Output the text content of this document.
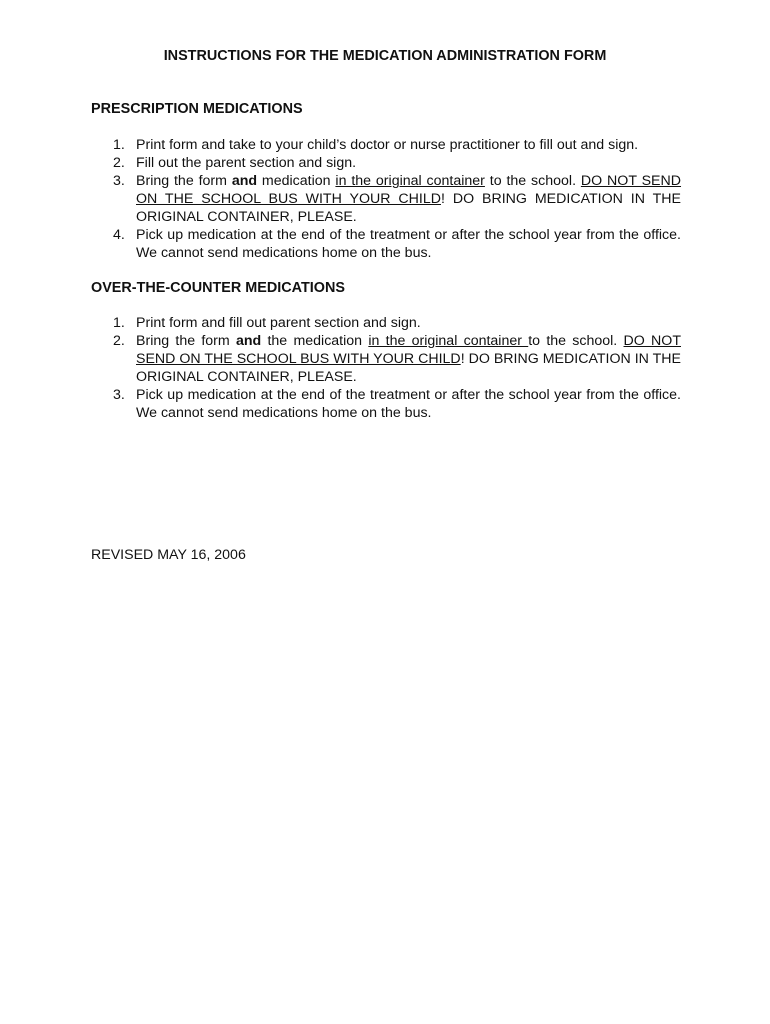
INSTRUCTIONS FOR THE MEDICATION ADMINISTRATION FORM
PRESCRIPTION MEDICATIONS
1. Print form and take to your child’s doctor or nurse practitioner to fill out and sign.
2. Fill out the parent section and sign.
3. Bring the form and medication in the original container to the school. DO NOT SEND ON THE SCHOOL BUS WITH YOUR CHILD! DO BRING MEDICATION IN THE ORIGINAL CONTAINER, PLEASE.
4. Pick up medication at the end of the treatment or after the school year from the office. We cannot send medications home on the bus.
OVER-THE-COUNTER MEDICATIONS
1. Print form and fill out parent section and sign.
2. Bring the form and the medication in the original container to the school. DO NOT SEND ON THE SCHOOL BUS WITH YOUR CHILD! DO BRING MEDICATION IN THE ORIGINAL CONTAINER, PLEASE.
3. Pick up medication at the end of the treatment or after the school year from the office. We cannot send medications home on the bus.
REVISED MAY 16, 2006
